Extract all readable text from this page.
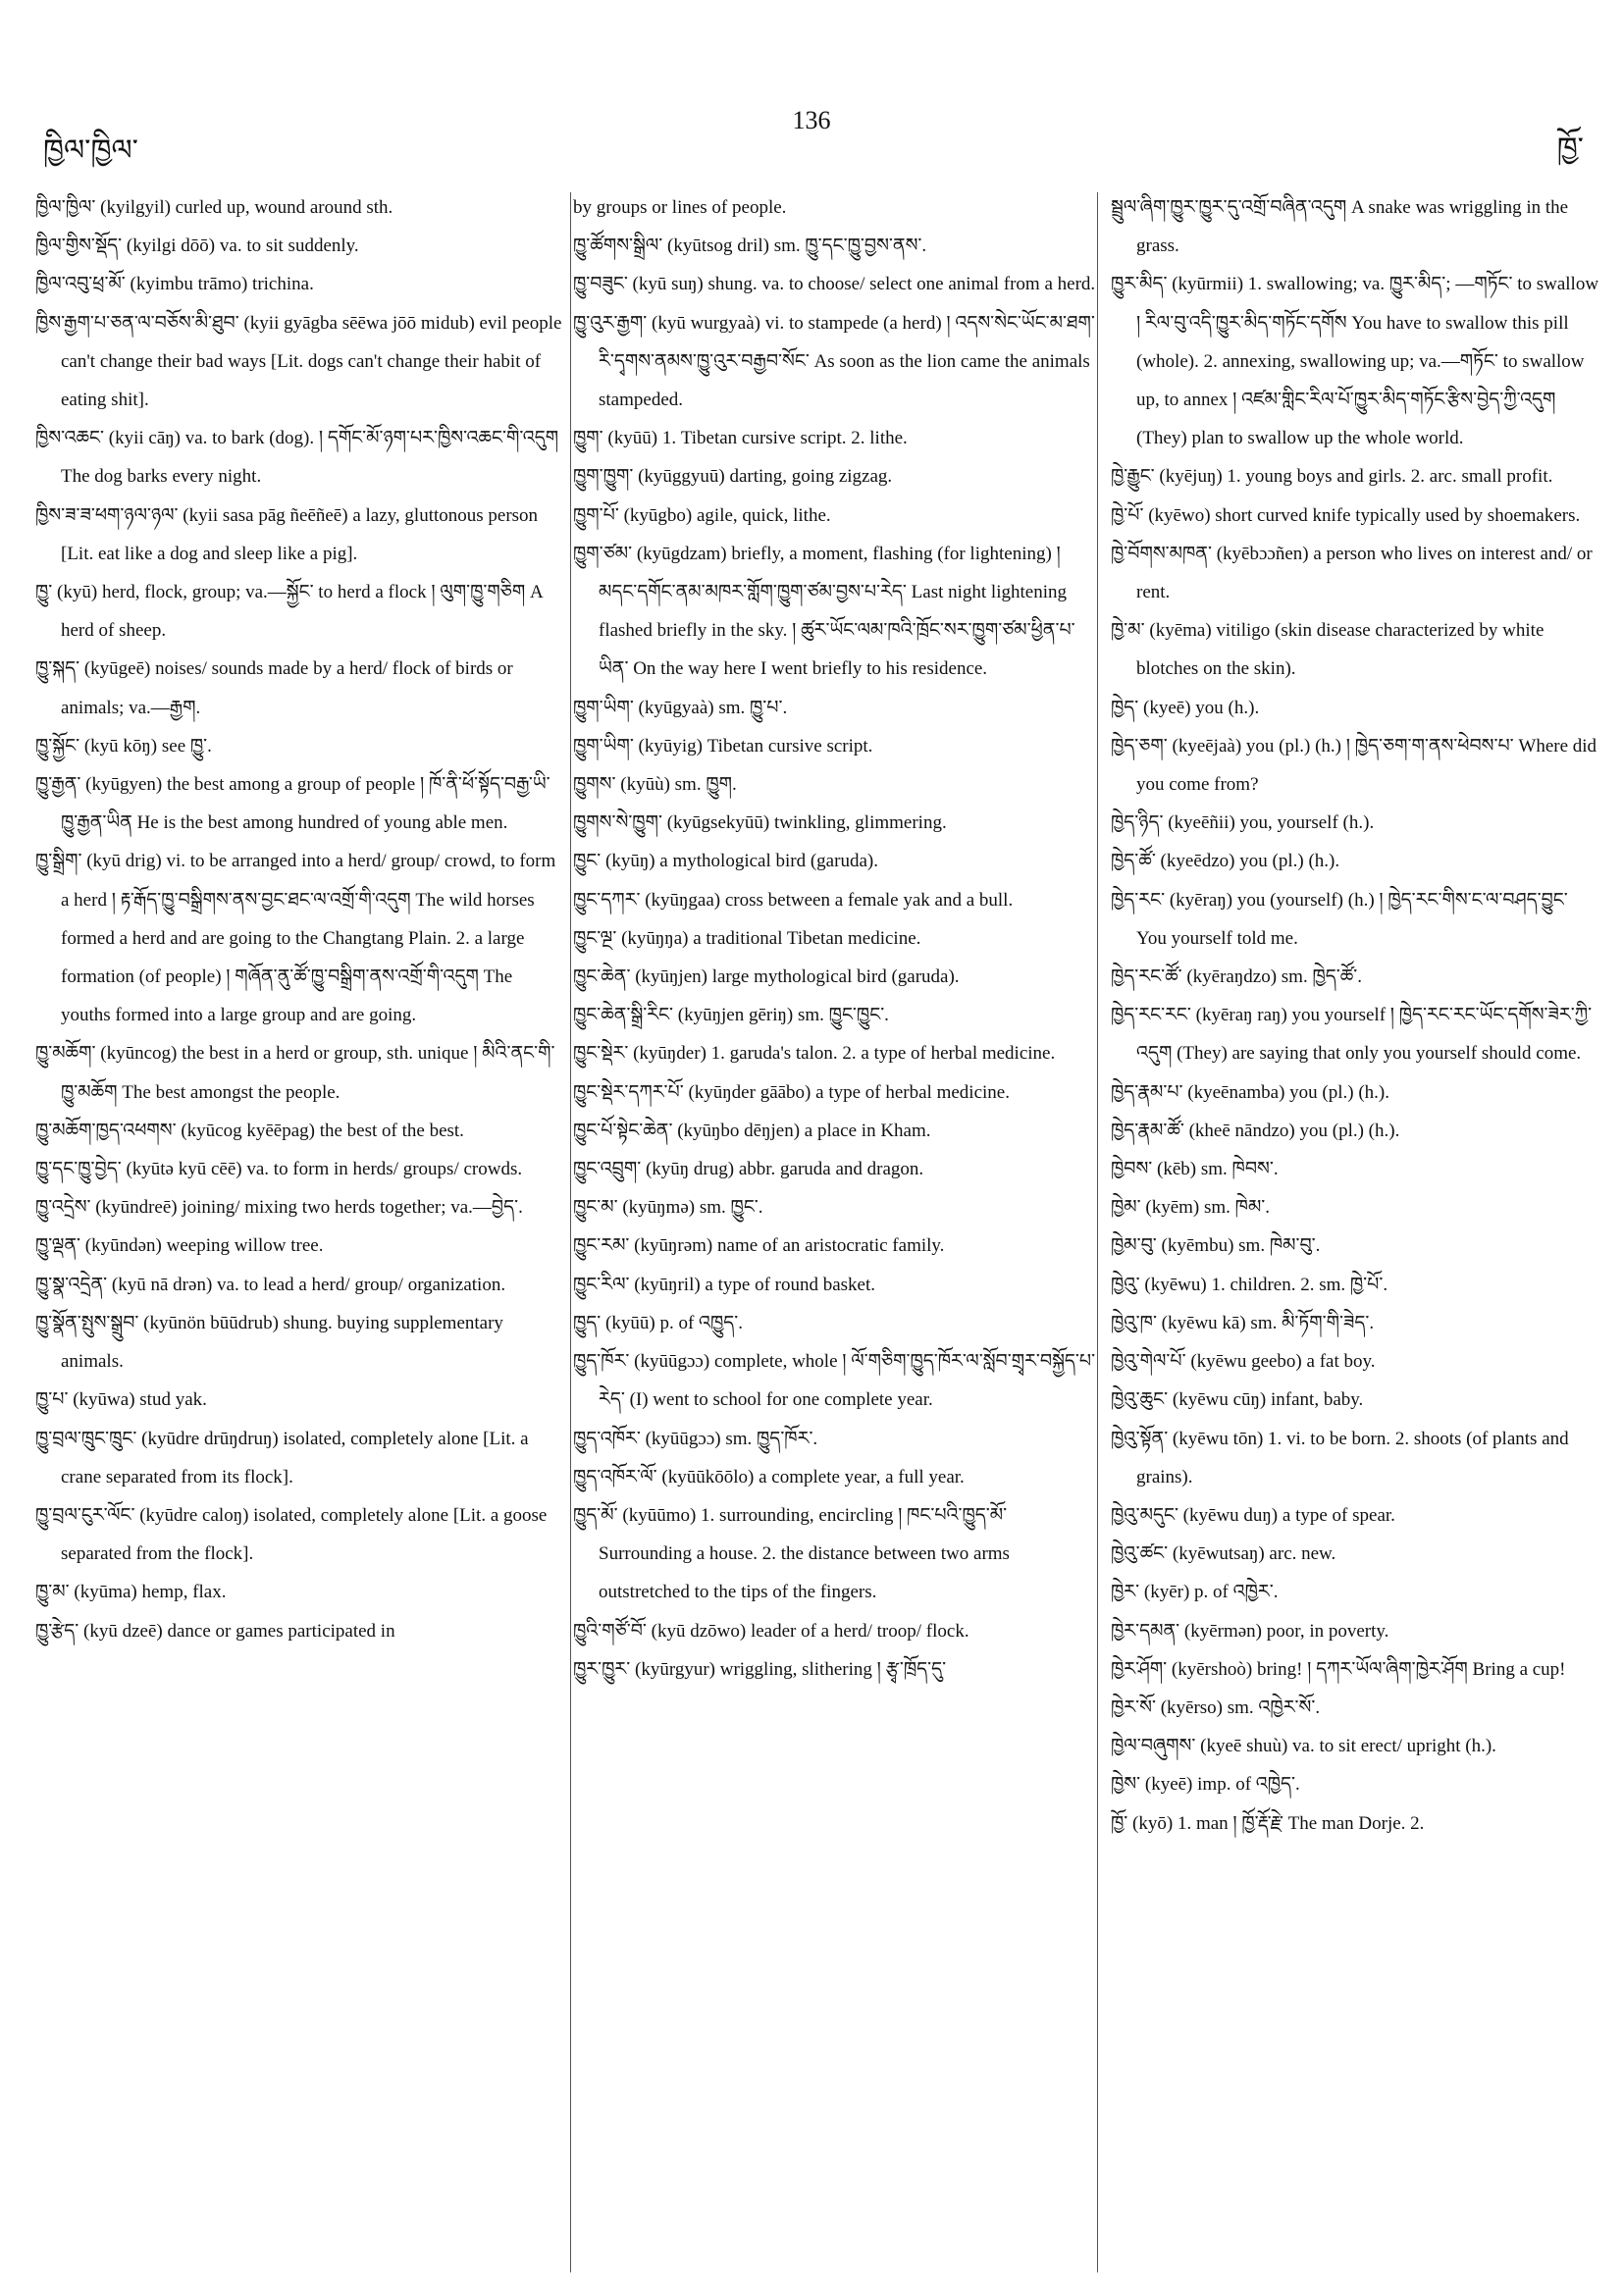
ཁྱིལ་ཁྱིལ་
136
ཁྱོ་

ཁྱིལ་ཁྱིལ་ (kyilgyil) curled up, wound around sth.

ཁྱིལ་གྱིས་སྡོད་ (kyilgi dōō) va. to sit suddenly.

ཁྱིལ་འབུ་ཕྲ་མོ་ (kyimbu trāmo) trichina.

ཁྱིས་རྒྱག་པ་ཅན་ལ་བཅོས་མི་ཐུབ་ (kyii gyāgba sēēwa jōō midub) evil people can't change their bad ways [Lit. dogs can't change their habit of eating shit].

ཁྱིས་འཆང་ (kyii cāŋ) va. to bark (dog). ། དགོང་མོ་ཉག་པར་ཁྱིས་འཆང་གི་འདུག The dog barks every night.

ཁྱིས་ཟ་ཟ་ཕག་ཉལ་ཉལ་ (kyii sasa pāg ñeēñeē) a lazy, gluttonous person [Lit. eat like a dog and sleep like a pig].

ཁྱུ་ (kyū) herd, flock, group; va.—སྐྱོང་ to herd a flock ། ལུག་ཁྱུ་གཅིག A herd of sheep.

ཁྱུ་སྐད་ (kyūgeē) noises/ sounds made by a herd/ flock of birds or animals; va.—རྒྱག.

ཁྱུ་སྐྱོང་ (kyū kōŋ) see ཁྱུ་.

ཁྱུ་རྒྱན་ (kyūgyen) the best among a group of people ། ཁོ་ནི་ཕོ་སྟོད་བརྒྱ་ཡི་ཁྱུ་རྒྱན་ཡིན He is the best among hundred of young able men.

ཁྱུ་སྒྲིག་ (kyū drig) vi. to be arranged into a herd/ group/ crowd, to form a herd ། རྟ་རྒོད་ཁྱུ་བསྒྲིགས་ནས་བྱང་ཐང་ལ་འགྲོ་གི་འདུག The wild horses formed a herd and are going to the Changtang Plain. 2. a large formation (of people) ། གཞོན་ནུ་ཚོ་ཁྱུ་བསྒྲིག་ནས་འགྲོ་གི་འདུག The youths formed into a large group and are going.

ཁྱུ་མཆོག་ (kyūncog) the best in a herd or group, sth. unique ། མིའི་ནང་གི་ཁྱུ་མཆོག The best amongst the people.

ཁྱུ་མཆོག་ཁྱད་འཕགས་ (kyūcog kyēēpag) the best of the best.

ཁྱུ་དང་ཁྱུ་བྱེད་ (kyūtə kyū cēē) va. to form in herds/ groups/ crowds.

ཁྱུ་འདྲེས་ (kyūndreē) joining/ mixing two herds together; va.—བྱེད་.

ཁྱུ་ལྡན་ (kyūndən) weeping willow tree.

ཁྱུ་སྣ་འདྲེན་ (kyū nā drən) va. to lead a herd/ group/ organization.

ཁྱུ་སྣོན་སྤུས་སྒྲུབ་ (kyūnön būūdrub) shung. buying supplementary animals.

ཁྱུ་པ་ (kyūwa) stud yak.

ཁྱུ་བྲལ་ཁྲུང་ཁྲུང་ (kyūdre drūŋdruŋ) isolated, completely alone [Lit. a crane separated from its flock].

ཁྱུ་བྲལ་ངུར་ལོང་ (kyūdre caloŋ) isolated, completely alone [Lit. a goose separated from the flock].

ཁྱུ་མ་ (kyūma) hemp, flax.

ཁྱུ་རྩེད་ (kyū dzeē) dance or games participated in

by groups or lines of people.

ཁྱུ་ཚོགས་སྒྲིལ་ (kyūtsog dril) sm. ཁྱུ་དང་ཁྱུ་བྱས་ནས་.

ཁྱུ་བཟུང་ (kyū suŋ) shung. va. to choose/ select one animal from a herd.

ཁྱུ་འུར་རྒྱག་ (kyū wurgyaà) vi. to stampede (a herd) ། འདས་སེང་ཡོང་མ་ཐག་རི་དྭགས་ནམས་ཁྱུ་འུར་བརྒྱབ་སོང་ As soon as the lion came the animals stampeded.

ཁྱུག་ (kyūū) 1. Tibetan cursive script. 2. lithe.

ཁྱུག་ཁྱུག་ (kyūggyuū) darting, going zigzag.

ཁྱུག་པོ་ (kyūgbo) agile, quick, lithe.

ཁྱུག་ཙམ་ (kyūgdzam) briefly, a moment, flashing (for lightening) ། མདང་དགོང་ནམ་མཁར་གློག་ཁྱུག་ཙམ་བྱས་པ་རེད་ Last night lightening flashed briefly in the sky. ། ཚུར་ཡོང་ལམ་ཁའི་ཁྲོང་སར་ཁྱུག་ཙམ་ཕྱིན་པ་ཡིན་ On the way here I went briefly to his residence.

ཁྱུག་ཡིག་ (kyūgyaà) sm. ཁྱུ་པ་.

ཁྱུག་ཡིག་ (kyūyig) Tibetan cursive script.

ཁྱུགས་ (kyūù) sm. ཁྱུག.

ཁྱུགས་སེ་ཁྱུག་ (kyūgsekyūū) twinkling, glimmering.

ཁྱུང་ (kyūŋ) a mythological bird (garuda).

ཁྱུང་དཀར་ (kyūŋgaa) cross between a female yak and a bull.

ཁྱུང་ལྔ་ (kyūŋŋa) a traditional Tibetan medicine.

ཁྱུང་ཆེན་ (kyūŋjen) large mythological bird (garuda).

ཁྱུང་ཆེན་སྒྲི་རིང་ (kyūŋjen gēriŋ) sm. ཁྱུང་ཁྱུང་.

ཁྱུང་སྡེར་ (kyūŋder) 1. garuda's talon. 2. a type of herbal medicine.

ཁྱུང་སྡེར་དཀར་པོ་ (kyūŋder gāābo) a type of herbal medicine.

ཁྱུང་པོ་སྟེང་ཆེན་ (kyūŋbo dēŋjen) a place in Kham.

ཁྱུང་འབྲུག་ (kyūŋ drug) abbr. garuda and dragon.

ཁྱུང་མ་ (kyūŋmə) sm. ཁྱུང་.

ཁྱུང་རམ་ (kyūŋrəm) name of an aristocratic family.

ཁྱུང་རིལ་ (kyūŋril) a type of round basket.

ཁྱུད་ (kyūū) p. of འཁྱུད་.

ཁྱུད་ཁོར་ (kyūūgɔɔ) complete, whole ། ལོ་གཅིག་ཁྱུད་ཁོར་ལ་སློབ་གྲྭར་བསྐྱོད་པ་རེད་ (I) went to school for one complete year.

ཁྱུད་འཁོར་ (kyūūgɔɔ) sm. ཁྱུད་ཁོར་.

ཁྱུད་འཁོར་ལོ་ (kyūūkōōlo) a complete year, a full year.

ཁྱུད་མོ་ (kyūūmo) 1. surrounding, encircling ། ཁང་པའི་ཁྱུད་མོ་ Surrounding a house. 2. the distance between two arms outstretched to the tips of the fingers.

ཁྱུའི་གཙོ་བོ་ (kyū dzōwo) leader of a herd/ troop/ flock.

ཁྱུར་ཁྱུར་ (kyūrgyur) wriggling, slithering ། རྩྭ་ཁྲོད་དུ་

སྦྲུལ་ཞིག་ཁྱུར་ཁྱུར་དུ་འགྲོ་བཞིན་འདུག A snake was wriggling in the grass.

ཁྱུར་མིད་ (kyūrmii) 1. swallowing; va. ཁྱུར་མིད་; —གཏོང་ to swallow ། རིལ་བུ་འདི་ཁྱུར་མིད་གཏོང་དགོས You have to swallow this pill (whole). 2. annexing, swallowing up; va.—གཏོང་ to swallow up, to annex ། འཛམ་གླིང་རིལ་པོ་ཁྱུར་མིད་གཏོང་རྩིས་བྱེད་ཀྱི་འདུག (They) plan to swallow up the whole world.

ཁྱེ་རྒྱུང་ (kyējuŋ) 1. young boys and girls. 2. arc. small profit.

ཁྱེ་པོ་ (kyēwo) short curved knife typically used by shoemakers.

ཁྱེ་བོགས་མཁན་ (kyēbɔɔñen) a person who lives on interest and/ or rent.

ཁྱེ་མ་ (kyēma) vitiligo (skin disease characterized by white blotches on the skin).

ཁྱེད་ (kyeē) you (h.).

ཁྱེད་ཅག་ (kyeējaà) you (pl.) (h.) ། ཁྱེད་ཅག་ག་ནས་ཕེབས་པ་ Where did you come from?

ཁྱེད་ཉིད་ (kyeēñii) you, yourself (h.).

ཁྱེད་ཚོ་ (kyeēdzo) you (pl.) (h.).

ཁྱེད་རང་ (kyēraŋ) you (yourself) (h.) ། ཁྱེད་རང་གིས་ང་ལ་བཤད་བྱུང་ You yourself told me.

ཁྱེད་རང་ཚོ་ (kyēraŋdzo) sm. ཁྱེད་ཚོ་.

ཁྱེད་རང་རང་ (kyēraŋ raŋ) you yourself ། ཁྱེད་རང་རང་ཡོང་དགོས་ཟེར་ཀྱི་འདུག (They) are saying that only you yourself should come.

ཁྱེད་རྣམ་པ་ (kyeēnamba) you (pl.) (h.).

ཁྱེད་རྣམ་ཚོ་ (kheē nāndzo) you (pl.) (h.).

ཁྱེབས་ (kēb) sm. ཁེབས་.

ཁྱེམ་ (kyēm) sm. ཁེམ་.

ཁྱེམ་བུ་ (kyēmbu) sm. ཁེམ་བུ་.

ཁྱེའུ་ (kyēwu) 1. children. 2. sm. ཁྱེ་པོ་.

ཁྱེའུ་ཁ་ (kyēwu kā) sm. མི་ཏོག་གི་ཟེད་.

ཁྱེའུ་གེལ་པོ་ (kyēwu geebo) a fat boy.

ཁྱེའུ་ཆུང་ (kyēwu cūŋ) infant, baby.

ཁྱེའུ་སྟོན་ (kyēwu tōn) 1. vi. to be born. 2. shoots (of plants and grains).

ཁྱེའུ་མདུང་ (kyēwu duŋ) a type of spear.

ཁྱེའུ་ཚང་ (kyēwutsaŋ) arc. new.

ཁྱེར་ (kyēr) p. of འཁྱེར་.

ཁྱེར་དམན་ (kyērmən) poor, in poverty.

ཁྱེར་ཤོག་ (kyērshoò) bring! ། དཀར་ཡོལ་ཞིག་ཁྱེར་ཤོག Bring a cup!

ཁྱེར་སོ་ (kyērso) sm. འཁྱེར་སོ་.

ཁྱེལ་བཞུགས་ (kyeē shuù) va. to sit erect/ upright (h.).

ཁྱེས་ (kyeē) imp. of འཁྱེད་.

ཁྱོ་ (kyō) 1. man ། ཁྱོ་རྡོ་རྗེ་ The man Dorje. 2.
